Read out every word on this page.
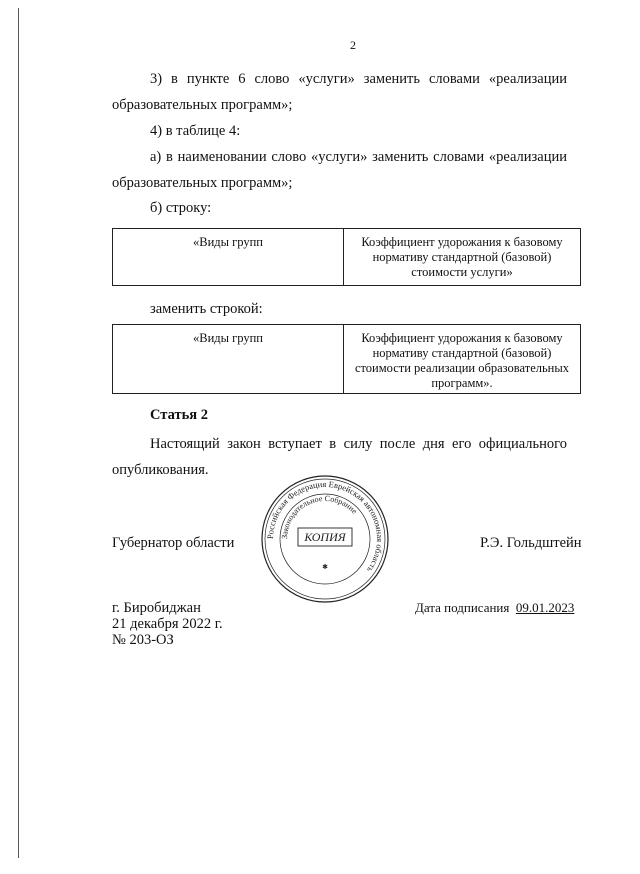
2
3) в пункте 6 слово «услуги» заменить словами «реализации
образовательных программ»;
4) в таблице 4:
а) в наименовании слово «услуги» заменить словами «реализации
образовательных программ»;
б) строку:
«Виды групп	Коэффициент удорожания к базовому
нормативу стандартной (базовой)
стоимости услуги»
заменить строкой:
«Виды групп	Коэффициент удорожания к базовому
нормативу стандартной (базовой)
стоимости реализации образовательных
программ».
Статья 2
Настоящий закон вступает в силу после дня его официального
опубликования.
Губернатор области	Р.Э. Гольдштейн
Российская Федерация Еврейская автономная область
Законодательное Собрание
КОПИЯ
✱
г. Биробиджан
21 декабря 2022 г.
№ 203-ОЗ
Дата подписания 09.01.2023
